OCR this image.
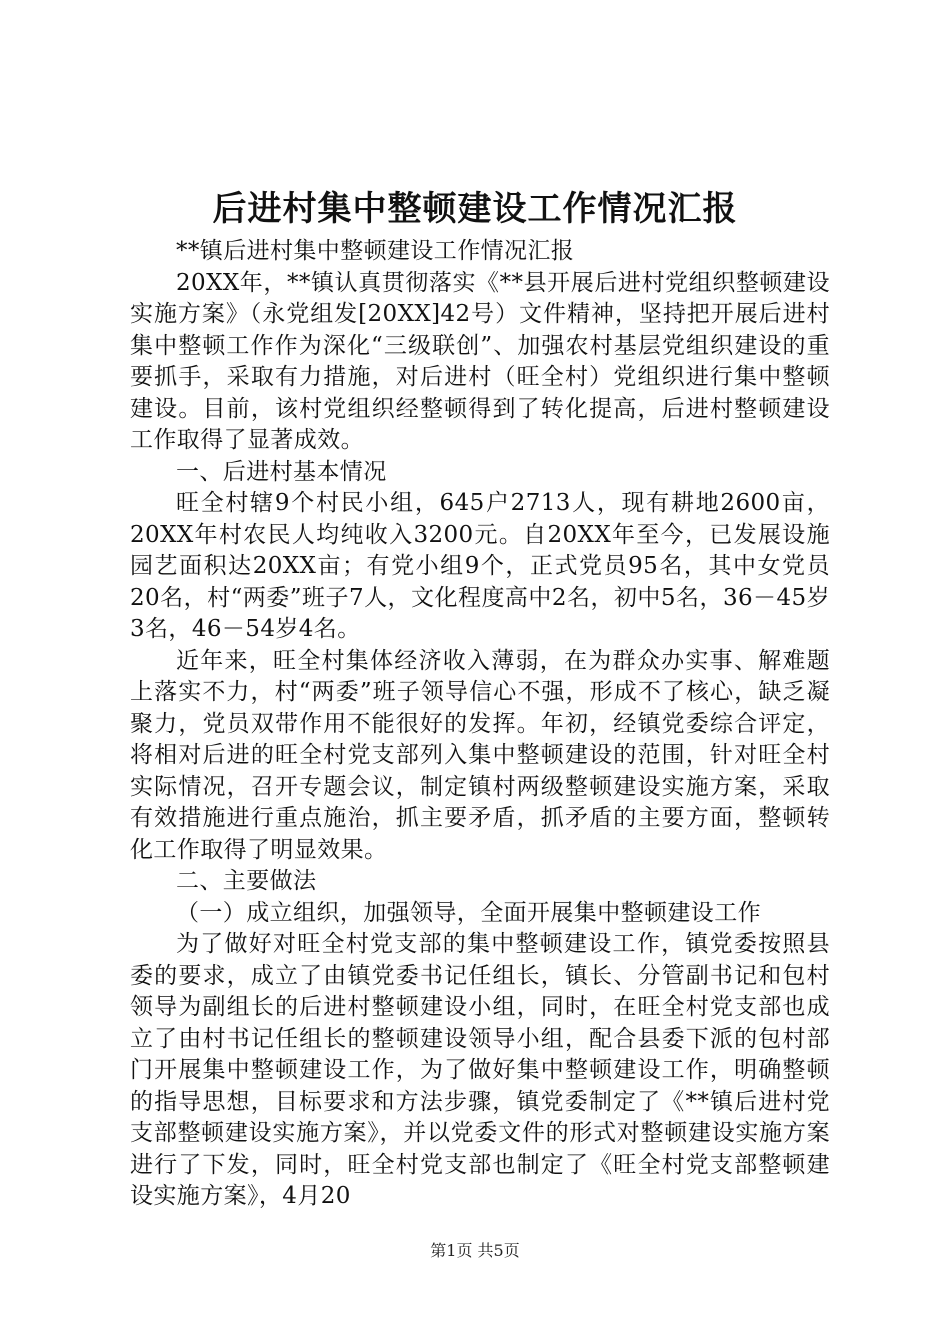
后进村集中整顿建设工作情况汇报

**镇后进村集中整顿建设工作情况汇报

20XX年，**镇认真贯彻落实《**县开展后进村党组织整顿建设实施方案》（永党组发[20XX]42号）文件精神，坚持把开展后进村集中整顿工作作为深化“三级联创”、加强农村基层党组织建设的重要抓手，采取有力措施，对后进村（旺全村）党组织进行集中整顿建设。目前，该村党组织经整顿得到了转化提高，后进村整顿建设工作取得了显著成效。

一、后进村基本情况

旺全村辖9个村民小组，645户2713人，现有耕地2600亩，20XX年村农民人均纯收入3200元。自20XX年至今，已发展设施园艺面积达20XX亩；有党小组9个，正式党员95名，其中女党员20名，村“两委”班子7人，文化程度高中2名，初中5名，36－45岁3名，46－54岁4名。

近年来，旺全村集体经济收入薄弱，在为群众办实事、解难题上落实不力，村“两委”班子领导信心不强，形成不了核心，缺乏凝聚力，党员双带作用不能很好的发挥。年初，经镇党委综合评定，将相对后进的旺全村党支部列入集中整顿建设的范围，针对旺全村实际情况，召开专题会议，制定镇村两级整顿建设实施方案，采取有效措施进行重点施治，抓主要矛盾，抓矛盾的主要方面，整顿转化工作取得了明显效果。

二、主要做法

（一）成立组织，加强领导，全面开展集中整顿建设工作

为了做好对旺全村党支部的集中整顿建设工作，镇党委按照县委的要求，成立了由镇党委书记任组长，镇长、分管副书记和包村领导为副组长的后进村整顿建设小组，同时，在旺全村党支部也成立了由村书记任组长的整顿建设领导小组，配合县委下派的包村部门开展集中整顿建设工作，为了做好集中整顿建设工作，明确整顿的指导思想，目标要求和方法步骤，镇党委制定了《**镇后进村党支部整顿建设实施方案》，并以党委文件的形式对整顿建设实施方案进行了下发，同时，旺全村党支部也制定了《旺全村党支部整顿建设实施方案》，4月20

第1页 共5页
